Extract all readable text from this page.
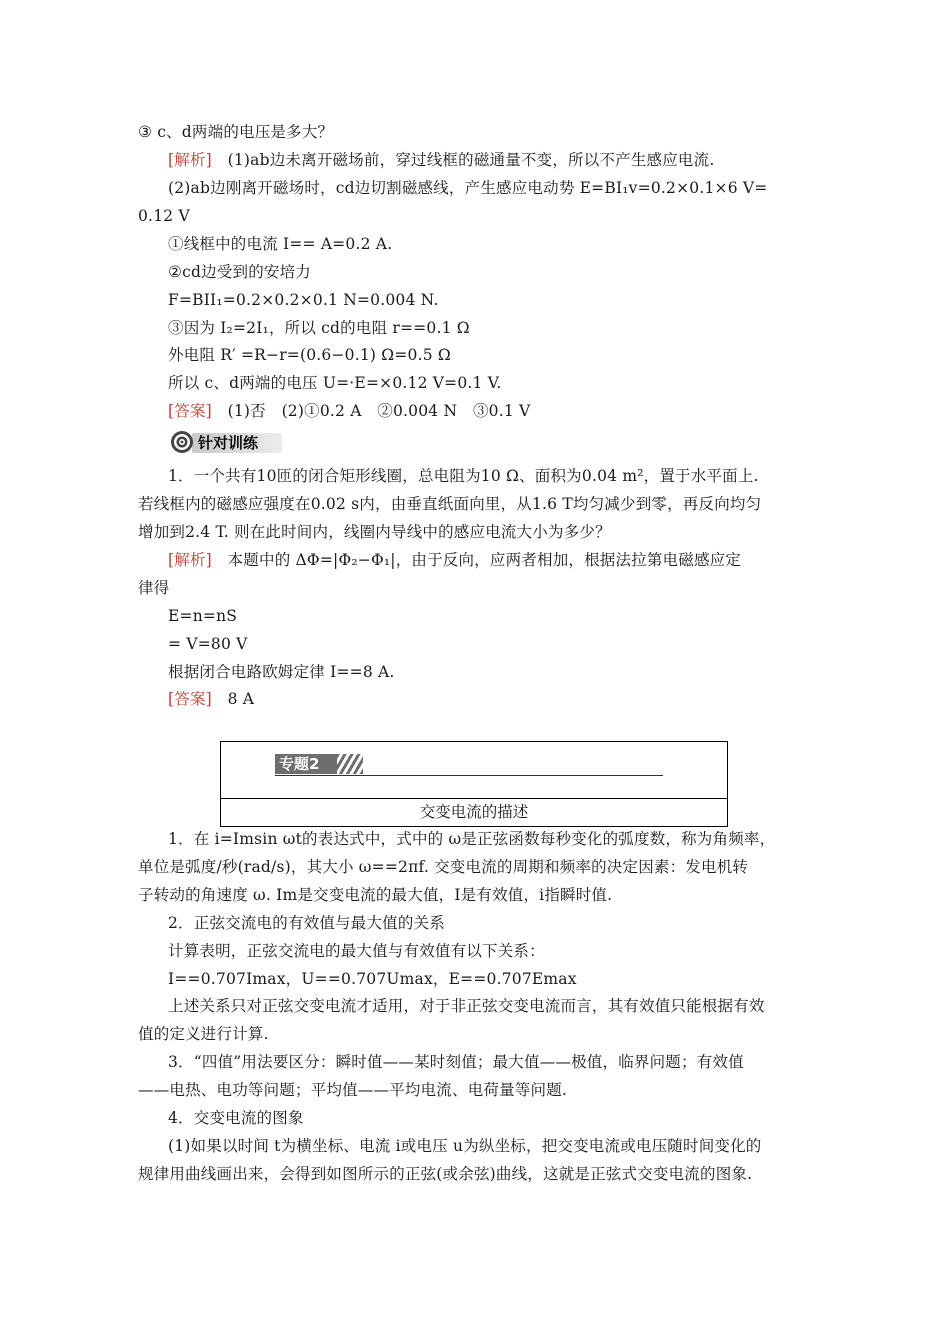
③ c、d两端的电压是多大？
[解析]　 (1)ab边未离开磁场前，穿过线框的磁通量不变，所以不产生感应电流.
(2)ab边刚离开磁场时，cd边切割磁感线，产生感应电动势 E=BI₁v=0.2×0.1×6 V=
0.12 V
①线框中的电流 I== A=0.2 A.
②cd边受到的安培力
F=BII₁=0.2×0.2×0.1 N=0.004 N.
③因为 I₂=2I₁，所以 cd的电阻 r==0.1 Ω
外电阻 R′ =R−r=(0.6−0.1) Ω=0.5 Ω
所以 c、d两端的电压 U=·E=×0.12 V=0.1 V.
[答案]　 (1)否　(2)①0.2 A　②0.004 N　③0.1 V
针对训练
1．一个共有10匝的闭合矩形线圈，总电阻为10 Ω、面积为0.04 m²，置于水平面上.
若线框内的磁感应强度在0.02 s内，由垂直纸面向里，从1.6 T均匀减少到零，再反向均匀
增加到2.4 T. 则在此时间内，线圈内导线中的感应电流大小为多少？
[解析]　 本题中的 ΔΦ=|Φ₂−Φ₁|，由于反向，应两者相加，根据法拉第电磁感应定
律得
E=n=nS
= V=80 V
根据闭合电路欧姆定律 I==8 A.
[答案]　 8 A
专题2
交变电流的描述
1．在 i=Imsin ωt的表达式中，式中的 ω是正弦函数每秒变化的弧度数，称为角频率，
单位是弧度/秒(rad/s)，其大小 ω==2πf. 交变电流的周期和频率的决定因素：发电机转
子转动的角速度 ω. Im是交变电流的最大值，I是有效值，i指瞬时值.
2．正弦交流电的有效值与最大值的关系
计算表明，正弦交流电的最大值与有效值有以下关系：
I==0.707Imax，U==0.707Umax，E==0.707Emax
上述关系只对正弦交变电流才适用，对于非正弦交变电流而言，其有效值只能根据有效
值的定义进行计算.
3．“四值”用法要区分：瞬时值——某时刻值；最大值——极值，临界问题；有效值
——电热、电功等问题；平均值——平均电流、电荷量等问题.
4．交变电流的图象
(1)如果以时间 t为横坐标、电流 i或电压 u为纵坐标，把交变电流或电压随时间变化的
规律用曲线画出来，会得到如图所示的正弦(或余弦)曲线，这就是正弦式交变电流的图象.
